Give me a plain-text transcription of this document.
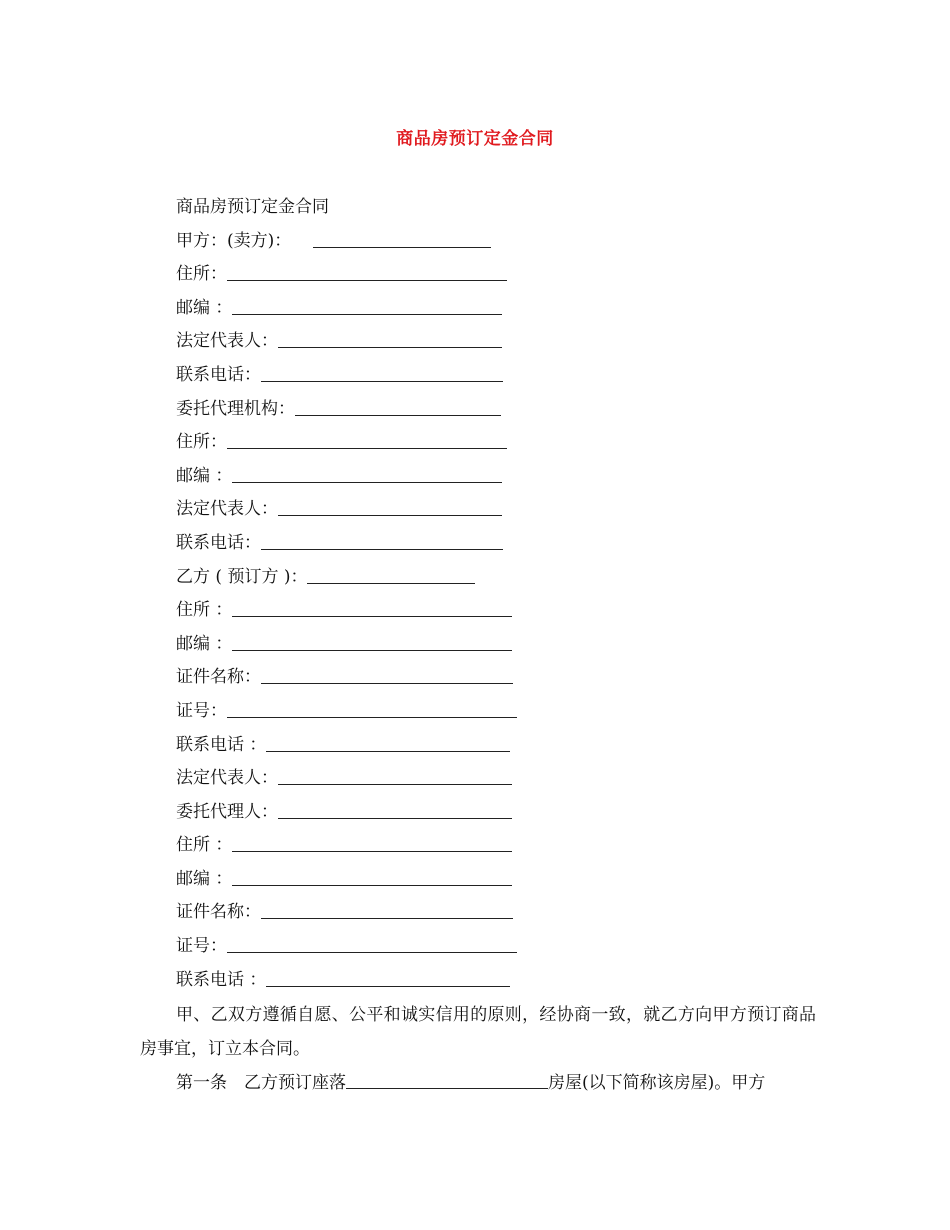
商品房预订定金合同
商品房预订定金合同
甲方：(卖方)：
住所：
邮编 ：
法定代表人：
联系电话：
委托代理机构：
住所：
邮编 ：
法定代表人：
联系电话：
乙方 ( 预订方 )：
住所 ：
邮编 ：
证件名称：
证号：
联系电话 ：
法定代表人：
委托代理人：
住所 ：
邮编 ：
证件名称：
证号：
联系电话 ：

甲、乙双方遵循自愿、公平和诚实信用的原则，经协商一致，就乙方向甲方预订商品房事宜，订立本合同。

第一条 乙方预订座落	房屋(以下简称该房屋)。甲方
